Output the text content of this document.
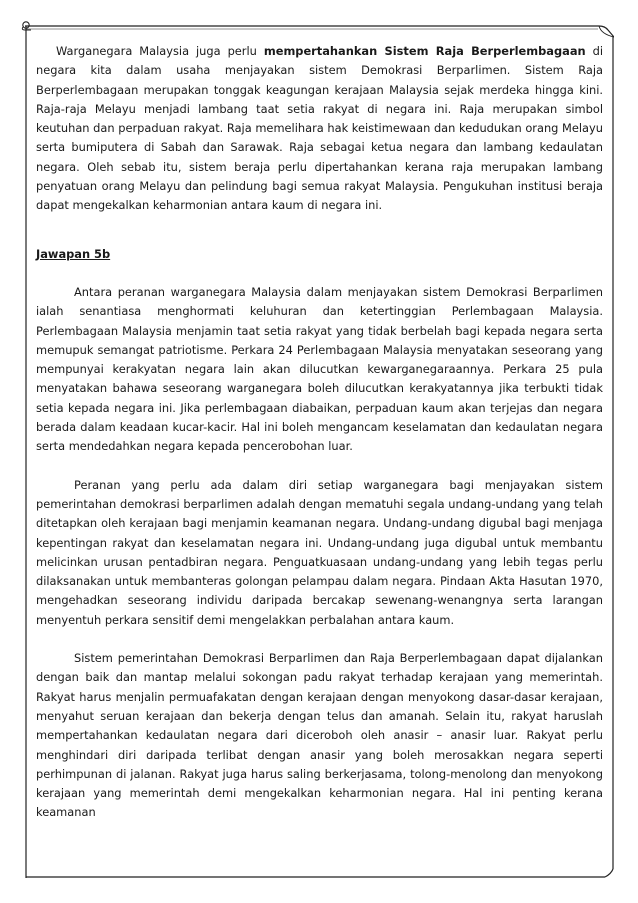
Warganegara Malaysia juga perlu mempertahankan Sistem Raja Berperlembagaan di negara kita dalam usaha menjayakan sistem Demokrasi Berparlimen. Sistem Raja Berperlembagaan merupakan tonggak keagungan kerajaan Malaysia sejak merdeka hingga kini. Raja-raja Melayu menjadi lambang taat setia rakyat di negara ini. Raja merupakan simbol keutuhan dan perpaduan rakyat. Raja memelihara hak keistimewaan dan kedudukan orang Melayu serta bumiputera di Sabah dan Sarawak. Raja sebagai ketua negara dan lambang kedaulatan negara. Oleh sebab itu, sistem beraja perlu dipertahankan kerana raja merupakan lambang penyatuan orang Melayu dan pelindung bagi semua rakyat Malaysia. Pengukuhan institusi beraja dapat mengekalkan keharmonian antara kaum di negara ini.

Jawapan 5b

Antara peranan warganegara Malaysia dalam menjayakan sistem Demokrasi Berparlimen ialah senantiasa menghormati keluhuran dan ketertinggian Perlembagaan Malaysia. Perlembagaan Malaysia menjamin taat setia rakyat yang tidak berbelah bagi kepada negara serta memupuk semangat patriotisme. Perkara 24 Perlembagaan Malaysia menyatakan seseorang yang mempunyai kerakyatan negara lain akan dilucutkan kewarganegaraannya. Perkara 25 pula menyatakan bahawa seseorang warganegara boleh dilucutkan kerakyatannya jika terbukti tidak setia kepada negara ini. Jika perlembagaan diabaikan, perpaduan kaum akan terjejas dan negara berada dalam keadaan kucar-kacir. Hal ini boleh mengancam keselamatan dan kedaulatan negara serta mendedahkan negara kepada pencerobohan luar.

Peranan yang perlu ada dalam diri setiap warganegara bagi menjayakan sistem pemerintahan demokrasi berparlimen adalah dengan mematuhi segala undang-undang yang telah ditetapkan oleh kerajaan bagi menjamin keamanan negara. Undang-undang digubal bagi menjaga kepentingan rakyat dan keselamatan negara ini. Undang-undang juga digubal untuk membantu melicinkan urusan pentadbiran negara. Penguatkuasaan undang-undang yang lebih tegas perlu dilaksanakan untuk membanteras golongan pelampau dalam negara. Pindaan Akta Hasutan 1970, mengehadkan seseorang individu daripada bercakap sewenang-wenangnya serta larangan menyentuh perkara sensitif demi mengelakkan perbalahan antara kaum.

Sistem pemerintahan Demokrasi Berparlimen dan Raja Berperlembagaan dapat dijalankan dengan baik dan mantap melalui sokongan padu rakyat terhadap kerajaan yang memerintah. Rakyat harus menjalin permuafakatan dengan kerajaan dengan menyokong dasar-dasar kerajaan, menyahut seruan kerajaan dan bekerja dengan telus dan amanah. Selain itu, rakyat haruslah mempertahankan kedaulatan negara dari diceroboh oleh anasir – anasir luar. Rakyat perlu menghindari diri daripada terlibat dengan anasir yang boleh merosakkan negara seperti perhimpunan di jalanan. Rakyat juga harus saling berkerjasama, tolong-menolong dan menyokong kerajaan yang memerintah demi mengekalkan keharmonian negara. Hal ini penting kerana keamanan
